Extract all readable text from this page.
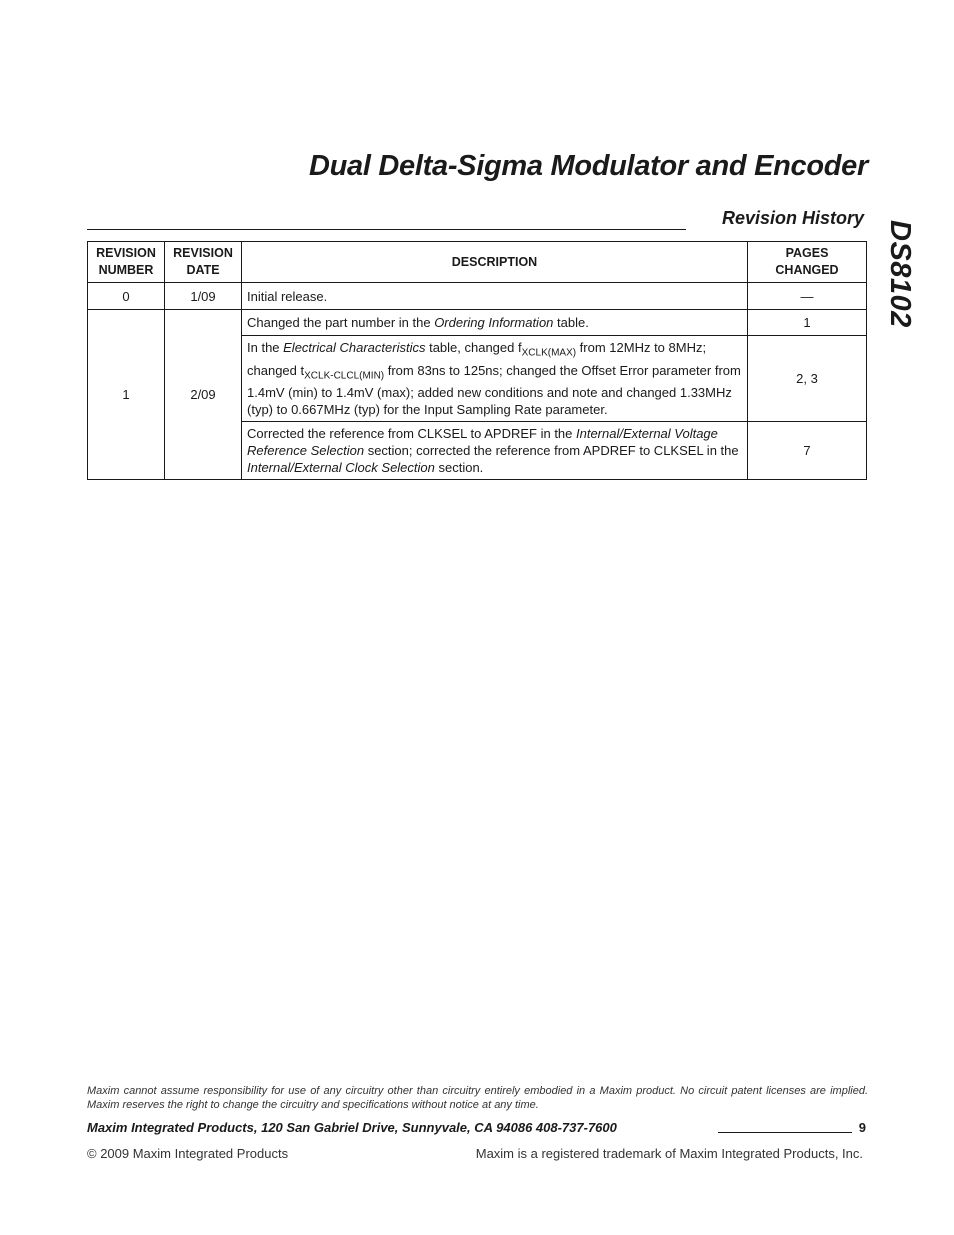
Dual Delta-Sigma Modulator and Encoder
DS8102
Revision History
REVISION NUMBER	REVISION DATE	DESCRIPTION	PAGES CHANGED
0	1/09	Initial release.	—
1	2/09	Changed the part number in the Ordering Information table.	1
		In the Electrical Characteristics table, changed $f_{XCLK(MAX)}$ from 12MHz to 8MHz; changed $t_{XCLK-CLCL(MIN)}$ from 83ns to 125ns; changed the Offset Error parameter from 1.4mV (min) to 1.4mV (max); added new conditions and note and changed 1.33MHz (typ) to 0.667MHz (typ) for the Input Sampling Rate parameter.	2, 3
		Corrected the reference from CLKSEL to APDREF in the Internal/External Voltage Reference Selection section; corrected the reference from APDREF to CLKSEL in the Internal/External Clock Selection section.	7
Maxim cannot assume responsibility for use of any circuitry other than circuitry entirely embodied in a Maxim product. No circuit patent licenses are implied. Maxim reserves the right to change the circuitry and specifications without notice at any time.
Maxim Integrated Products, 120 San Gabriel Drive, Sunnyvale, CA 94086 408-737-7600	9
© 2009 Maxim Integrated Products	Maxim is a registered trademark of Maxim Integrated Products, Inc.
